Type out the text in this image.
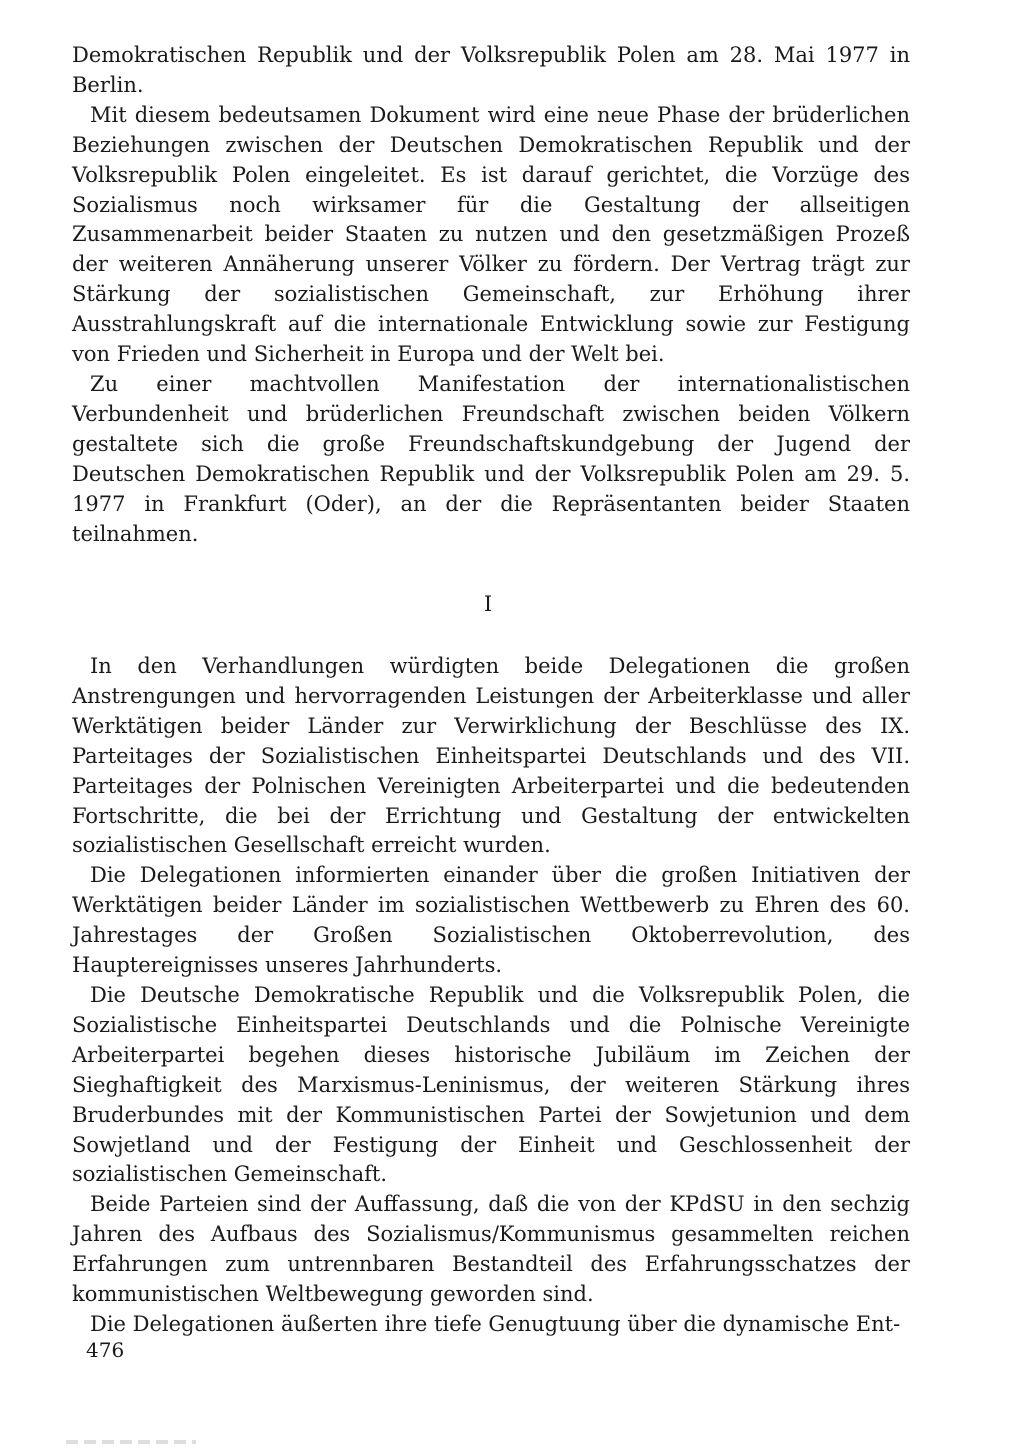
Demokratischen Republik und der Volksrepublik Polen am 28. Mai 1977 in Berlin.

Mit diesem bedeutsamen Dokument wird eine neue Phase der brüderlichen Beziehungen zwischen der Deutschen Demokratischen Republik und der Volksrepublik Polen eingeleitet. Es ist darauf gerichtet, die Vorzüge des Sozialismus noch wirksamer für die Gestaltung der allseitigen Zusammenarbeit beider Staaten zu nutzen und den gesetzmäßigen Prozeß der weiteren Annäherung unserer Völker zu fördern. Der Vertrag trägt zur Stärkung der sozialistischen Gemeinschaft, zur Erhöhung ihrer Ausstrahlungskraft auf die internationale Entwicklung sowie zur Festigung von Frieden und Sicherheit in Europa und der Welt bei.

Zu einer machtvollen Manifestation der internationalistischen Verbundenheit und brüderlichen Freundschaft zwischen beiden Völkern gestaltete sich die große Freundschaftskundgebung der Jugend der Deutschen Demokratischen Republik und der Volksrepublik Polen am 29. 5. 1977 in Frankfurt (Oder), an der die Repräsentanten beider Staaten teilnahmen.

I

In den Verhandlungen würdigten beide Delegationen die großen Anstrengungen und hervorragenden Leistungen der Arbeiterklasse und aller Werktätigen beider Länder zur Verwirklichung der Beschlüsse des IX. Parteitages der Sozialistischen Einheitspartei Deutschlands und des VII. Parteitages der Polnischen Vereinigten Arbeiterpartei und die bedeutenden Fortschritte, die bei der Errichtung und Gestaltung der entwickelten sozialistischen Gesellschaft erreicht wurden.

Die Delegationen informierten einander über die großen Initiativen der Werktätigen beider Länder im sozialistischen Wettbewerb zu Ehren des 60. Jahrestages der Großen Sozialistischen Oktoberrevolution, des Hauptereignisses unseres Jahrhunderts.

Die Deutsche Demokratische Republik und die Volksrepublik Polen, die Sozialistische Einheitspartei Deutschlands und die Polnische Vereinigte Arbeiterpartei begehen dieses historische Jubiläum im Zeichen der Sieghaftigkeit des Marxismus-Leninismus, der weiteren Stärkung ihres Bruderbundes mit der Kommunistischen Partei der Sowjetunion und dem Sowjetland und der Festigung der Einheit und Geschlossenheit der sozialistischen Gemeinschaft.

Beide Parteien sind der Auffassung, daß die von der KPdSU in den sechzig Jahren des Aufbaus des Sozialismus/Kommunismus gesammelten reichen Erfahrungen zum untrennbaren Bestandteil des Erfahrungsschatzes der kommunistischen Weltbewegung geworden sind.

Die Delegationen äußerten ihre tiefe Genugtuung über die dynamische Ent-

476
